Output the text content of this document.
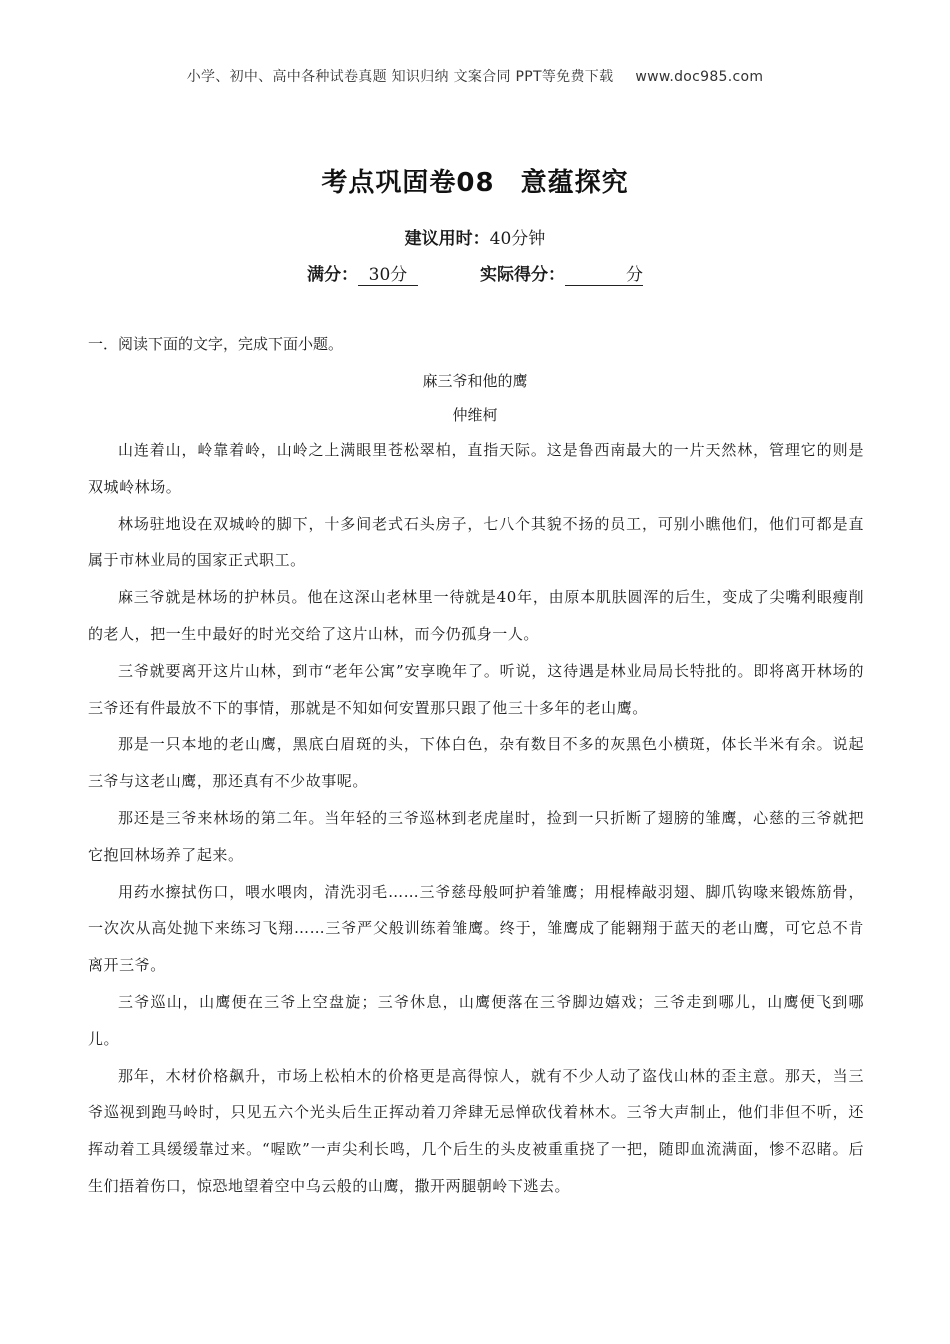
小学、初中、高中各种试卷真题 知识归纳 文案合同 PPT等免费下载 www.doc985.com
考点巩固卷08 意蕴探究
建议用时：40分钟
满分： 30分	实际得分：	分
一．阅读下面的文字，完成下面小题。
麻三爷和他的鹰
仲维柯

山连着山，岭靠着岭，山岭之上满眼里苍松翠柏，直指天际。这是鲁西南最大的一片天然林，管理它的则是双城岭林场。

林场驻地设在双城岭的脚下，十多间老式石头房子，七八个其貌不扬的员工，可别小瞧他们，他们可都是直属于市林业局的国家正式职工。

麻三爷就是林场的护林员。他在这深山老林里一待就是40年，由原本肌肤圆浑的后生，变成了尖嘴利眼瘦削的老人，把一生中最好的时光交给了这片山林，而今仍孤身一人。

三爷就要离开这片山林，到市“老年公寓”安享晚年了。听说，这待遇是林业局局长特批的。即将离开林场的三爷还有件最放不下的事情，那就是不知如何安置那只跟了他三十多年的老山鹰。

那是一只本地的老山鹰，黑底白眉斑的头，下体白色，杂有数目不多的灰黑色小横斑，体长半米有余。说起三爷与这老山鹰，那还真有不少故事呢。

那还是三爷来林场的第二年。当年轻的三爷巡林到老虎崖时，捡到一只折断了翅膀的雏鹰，心慈的三爷就把它抱回林场养了起来。

用药水擦拭伤口，喂水喂肉，清洗羽毛……三爷慈母般呵护着雏鹰；用棍棒敲羽翅、脚爪钩喙来锻炼筋骨，一次次从高处抛下来练习飞翔……三爷严父般训练着雏鹰。终于，雏鹰成了能翱翔于蓝天的老山鹰，可它总不肯离开三爷。

三爷巡山，山鹰便在三爷上空盘旋；三爷休息，山鹰便落在三爷脚边嬉戏；三爷走到哪儿，山鹰便飞到哪儿。

那年，木材价格飙升，市场上松柏木的价格更是高得惊人，就有不少人动了盗伐山林的歪主意。那天，当三爷巡视到跑马岭时，只见五六个光头后生正挥动着刀斧肆无忌惮砍伐着林木。三爷大声制止，他们非但不听，还挥动着工具缓缓靠过来。“喔欧”一声尖利长鸣，几个后生的头皮被重重挠了一把，随即血流满面，惨不忍睹。后生们捂着伤口，惊恐地望着空中乌云般的山鹰，撒开两腿朝岭下逃去。
